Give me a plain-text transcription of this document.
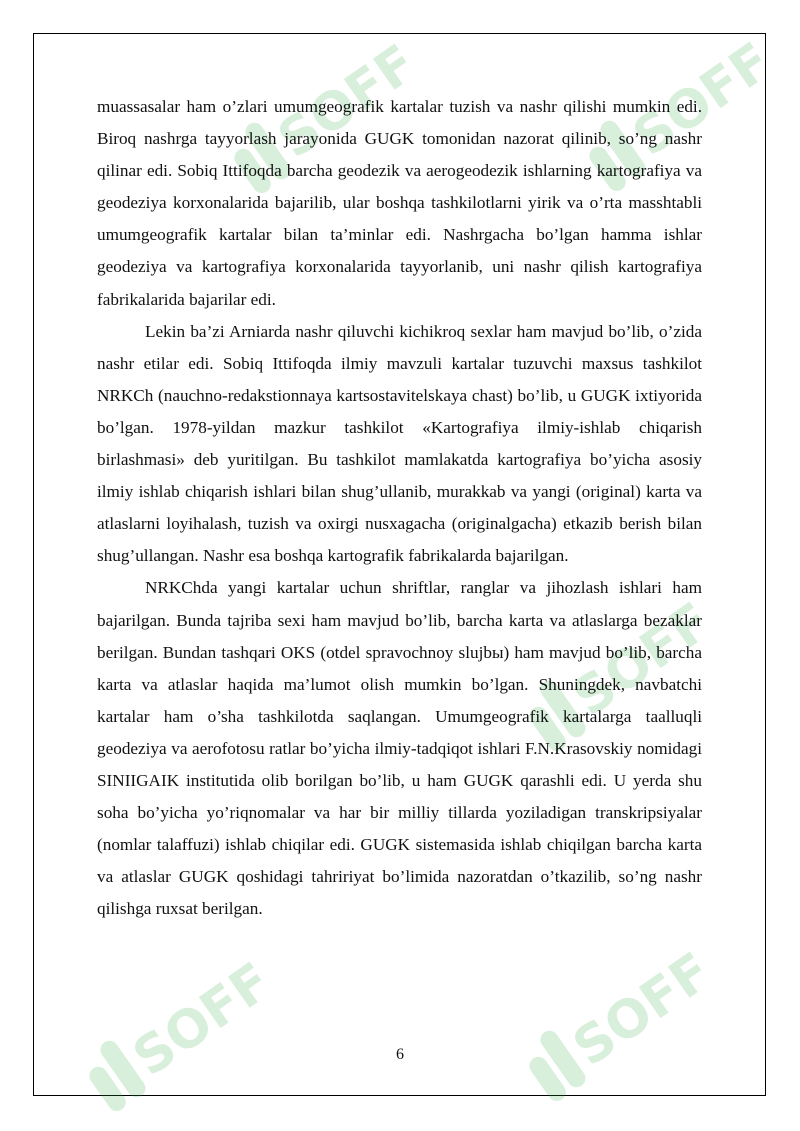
SOFF
SOFF
SOFF
SOFF
SOFF

muassasalar ham o’zlari umumgeografik kartalar tuzish va nashr qilishi mumkin edi. Biroq nashrga tayyorlash jarayonida GUGK tomonidan nazorat qilinib, so’ng nashr qilinar edi. Sobiq Ittifoqda barcha geodezik va aerogeodezik ishlarning kartografiya va geodeziya korxonalarida bajarilib, ular boshqa tashkilotlarni yirik va o’rta masshtabli umumgeografik kartalar bilan ta’minlar edi. Nashrgacha bo’lgan hamma ishlar geodeziya va kartografiya korxonalarida tayyorlanib, uni nashr qilish kartografiya fabrikalarida bajarilar edi.

Lekin ba’zi Arniarda nashr qiluvchi kichikroq sexlar ham mavjud bo’lib, o’zida nashr etilar edi. Sobiq Ittifoqda ilmiy mavzuli kartalar tuzuvchi maxsus tashkilot NRKCh (nauchno-redakstionnaya kartsostavitelskaya chast) bo’lib, u GUGK ixtiyorida bo’lgan. 1978-yildan mazkur tashkilot «Kartografiya ilmiy-ishlab chiqarish birlashmasi» deb yuritilgan. Bu tashkilot mamlakatda kartografiya bo’yicha asosiy ilmiy ishlab chiqarish ishlari bilan shug’ullanib, murakkab va yangi (original) karta va atlaslarni loyihalash, tuzish va oxirgi nusxagacha (originalgacha) etkazib berish bilan shug’ullangan. Nashr esa boshqa kartografik fabrikalarda bajarilgan.

NRKChda yangi kartalar uchun shriftlar, ranglar va jihozlash ishlari ham bajarilgan. Bunda tajriba sexi ham mavjud bo’lib, barcha karta va atlaslarga bezaklar berilgan. Bundan tashqari OKS (otdel spravochnoy slujbы) ham mavjud bo’lib, barcha karta va atlaslar haqida ma’lumot olish mumkin bo’lgan. Shuningdek, navbatchi kartalar ham o’sha tashkilotda saqlangan. Umumgeografik kartalarga taalluqli geodeziya va aerofotosu ratlar bo’yicha ilmiy-tadqiqot ishlari F.N.Krasovskiy nomidagi SINIIGAIK institutida olib borilgan bo’lib, u ham GUGK qarashli edi. U yerda shu soha bo’yicha yo’riqnomalar va har bir milliy tillarda yoziladigan transkripsiyalar (nomlar talaffuzi) ishlab chiqilar edi. GUGK sistemasida ishlab chiqilgan barcha karta va atlaslar GUGK qoshidagi tahririyat bo’limida nazoratdan o’tkazilib, so’ng nashr qilishga ruxsat berilgan.

6
